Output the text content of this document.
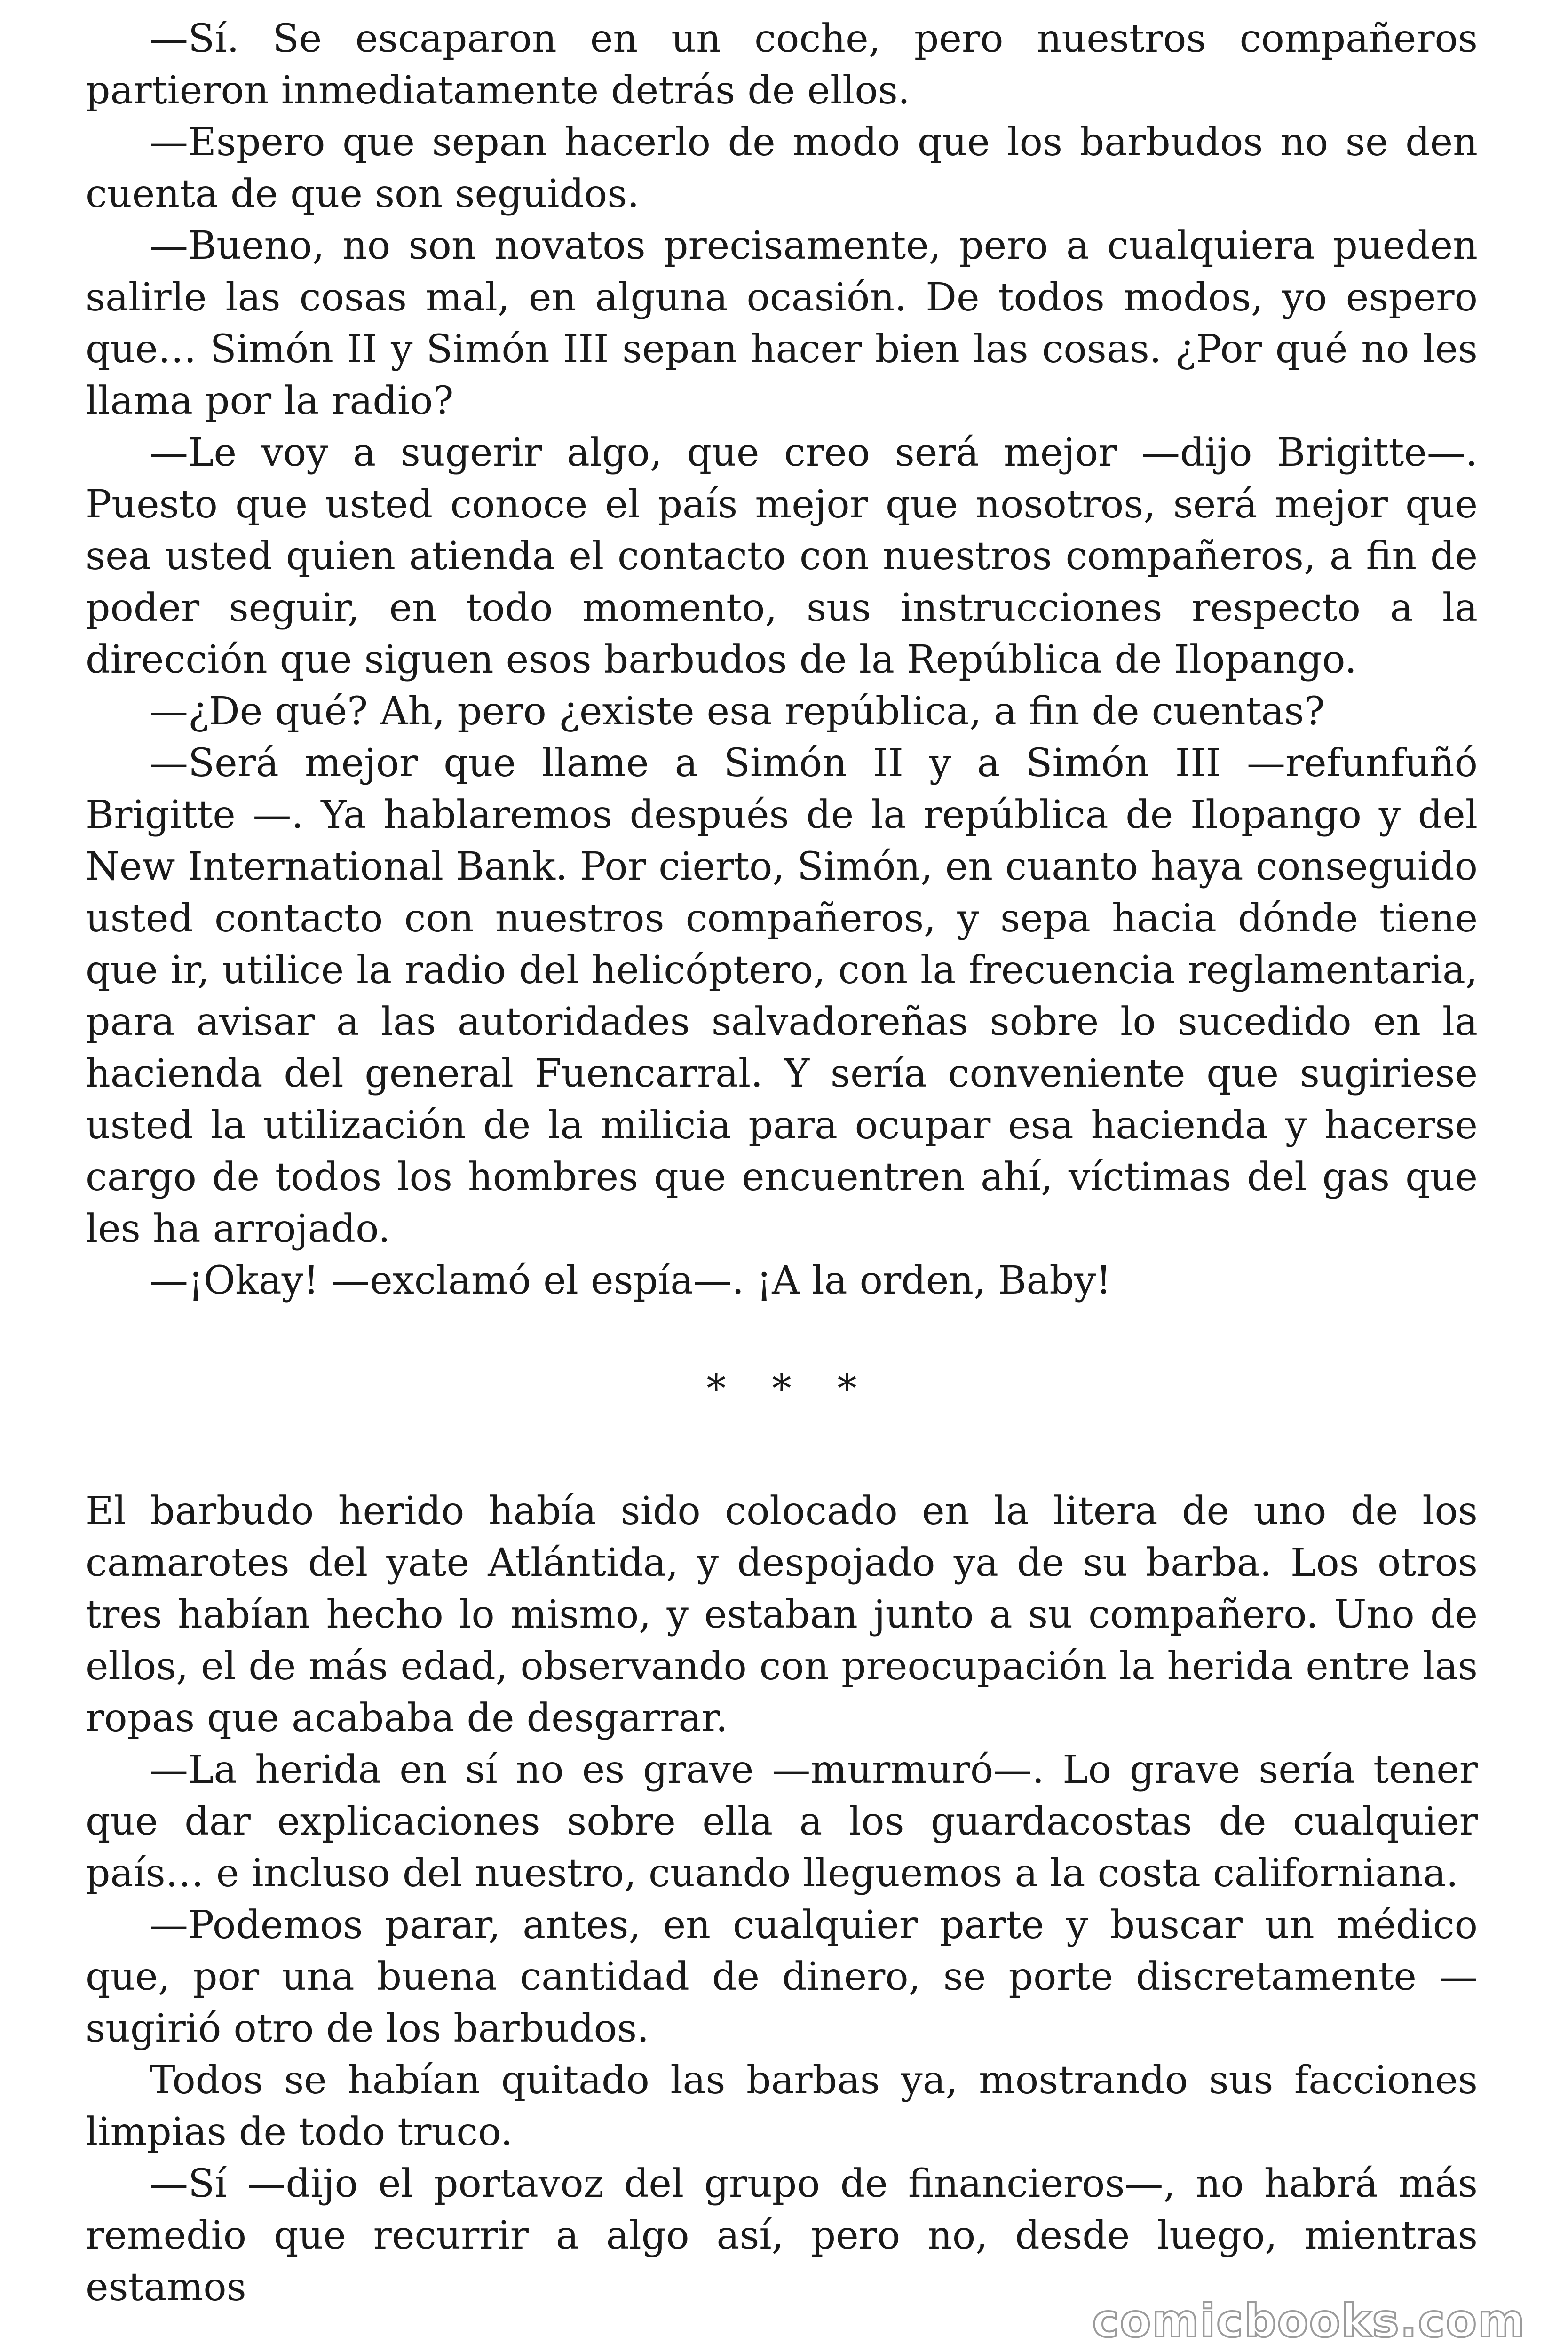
—Sí. Se escaparon en un coche, pero nuestros compañeros partieron inmediatamente detrás de ellos.

—Espero que sepan hacerlo de modo que los barbudos no se den cuenta de que son seguidos.

—Bueno, no son novatos precisamente, pero a cualquiera pueden salirle las cosas mal, en alguna ocasión. De todos modos, yo espero que… Simón II y Simón III sepan hacer bien las cosas. ¿Por qué no les llama por la radio?

—Le voy a sugerir algo, que creo será mejor —dijo Brigitte—. Puesto que usted conoce el país mejor que nosotros, será mejor que sea usted quien atienda el contacto con nuestros compañeros, a fin de poder seguir, en todo momento, sus instrucciones respecto a la dirección que siguen esos barbudos de la República de Ilopango.

—¿De qué? Ah, pero ¿existe esa república, a fin de cuentas?

—Será mejor que llame a Simón II y a Simón III —refunfuñó Brigitte —. Ya hablaremos después de la república de Ilopango y del New International Bank. Por cierto, Simón, en cuanto haya conseguido usted contacto con nuestros compañeros, y sepa hacia dónde tiene que ir, utilice la radio del helicóptero, con la frecuencia reglamentaria, para avisar a las autoridades salvadoreñas sobre lo sucedido en la hacienda del general Fuencarral. Y sería conveniente que sugiriese usted la utilización de la milicia para ocupar esa hacienda y hacerse cargo de todos los hombres que encuentren ahí, víctimas del gas que les ha arrojado.

—¡Okay! —exclamó el espía—. ¡A la orden, Baby!

* * *

El barbudo herido había sido colocado en la litera de uno de los camarotes del yate Atlántida, y despojado ya de su barba. Los otros tres habían hecho lo mismo, y estaban junto a su compañero. Uno de ellos, el de más edad, observando con preocupación la herida entre las ropas que acababa de desgarrar.

—La herida en sí no es grave —murmuró—. Lo grave sería tener que dar explicaciones sobre ella a los guardacostas de cualquier país… e incluso del nuestro, cuando lleguemos a la costa californiana.

—Podemos parar, antes, en cualquier parte y buscar un médico que, por una buena cantidad de dinero, se porte discretamente —sugirió otro de los barbudos.

Todos se habían quitado las barbas ya, mostrando sus facciones limpias de todo truco.

—Sí —dijo el portavoz del grupo de financieros—, no habrá más remedio que recurrir a algo así, pero no, desde luego, mientras estamos

comicbooks.com
